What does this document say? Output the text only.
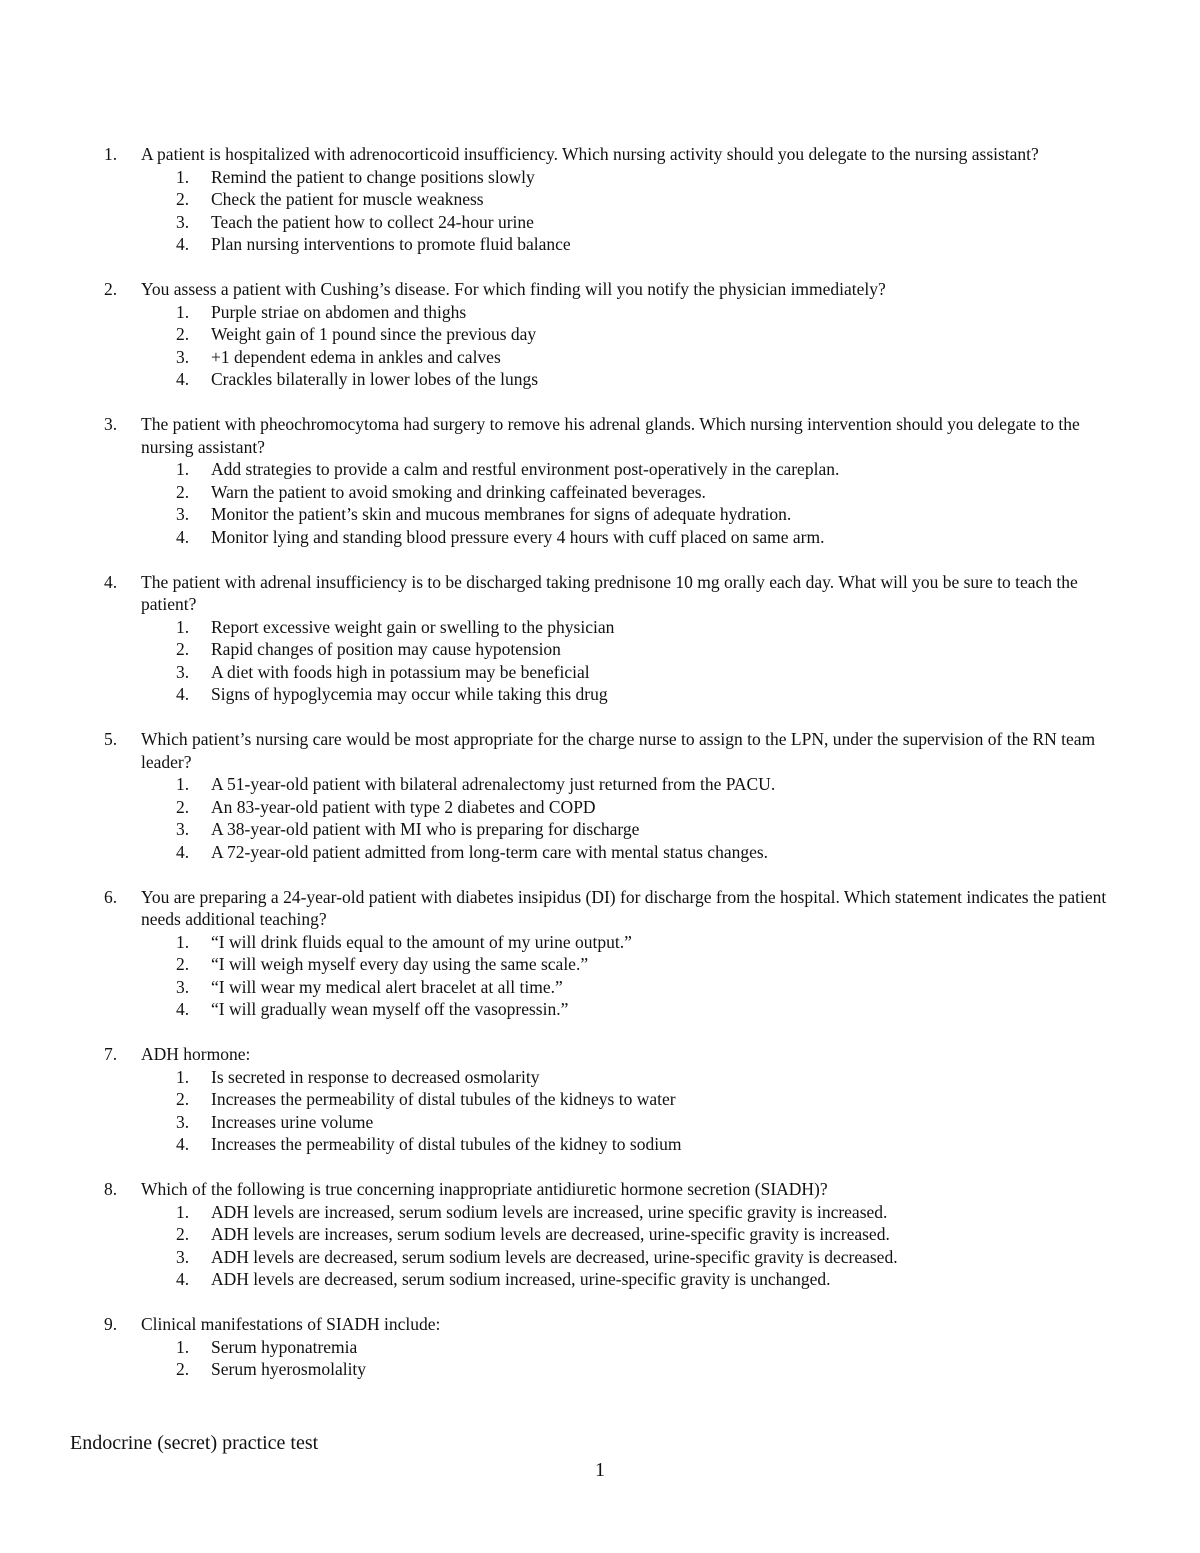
1. A patient is hospitalized with adrenocorticoid insufficiency. Which nursing activity should you delegate to the nursing assistant?
1. Remind the patient to change positions slowly
2. Check the patient for muscle weakness
3. Teach the patient how to collect 24-hour urine
4. Plan nursing interventions to promote fluid balance
2. You assess a patient with Cushing’s disease. For which finding will you notify the physician immediately?
1. Purple striae on abdomen and thighs
2. Weight gain of 1 pound since the previous day
3. +1 dependent edema in ankles and calves
4. Crackles bilaterally in lower lobes of the lungs
3. The patient with pheochromocytoma had surgery to remove his adrenal glands. Which nursing intervention should you delegate to the nursing assistant?
1. Add strategies to provide a calm and restful environment post-operatively in the careplan.
2. Warn the patient to avoid smoking and drinking caffeinated beverages.
3. Monitor the patient’s skin and mucous membranes for signs of adequate hydration.
4. Monitor lying and standing blood pressure every 4 hours with cuff placed on same arm.
4. The patient with adrenal insufficiency is to be discharged taking prednisone 10 mg orally each day. What will you be sure to teach the patient?
1. Report excessive weight gain or swelling to the physician
2. Rapid changes of position may cause hypotension
3. A diet with foods high in potassium may be beneficial
4. Signs of hypoglycemia may occur while taking this drug
5. Which patient’s nursing care would be most appropriate for the charge nurse to assign to the LPN, under the supervision of the RN team leader?
1. A 51-year-old patient with bilateral adrenalectomy just returned from the PACU.
2. An 83-year-old patient with type 2 diabetes and COPD
3. A 38-year-old patient with MI who is preparing for discharge
4. A 72-year-old patient admitted from long-term care with mental status changes.
6. You are preparing a 24-year-old patient with diabetes insipidus (DI) for discharge from the hospital. Which statement indicates the patient needs additional teaching?
1. “I will drink fluids equal to the amount of my urine output.”
2. “I will weigh myself every day using the same scale.”
3. “I will wear my medical alert bracelet at all time.”
4. “I will gradually wean myself off the vasopressin.”
7. ADH hormone:
1. Is secreted in response to decreased osmolarity
2. Increases the permeability of distal tubules of the kidneys to water
3. Increases urine volume
4. Increases the permeability of distal tubules of the kidney to sodium
8. Which of the following is true concerning inappropriate antidiuretic hormone secretion (SIADH)?
1. ADH levels are increased, serum sodium levels are increased, urine specific gravity is increased.
2. ADH levels are increases, serum sodium levels are decreased, urine-specific gravity is increased.
3. ADH levels are decreased, serum sodium levels are decreased, urine-specific gravity is decreased.
4. ADH levels are decreased, serum sodium increased, urine-specific gravity is unchanged.
9. Clinical manifestations of SIADH include:
1. Serum hyponatremia
2. Serum hyerosmolality
Endocrine (secret) practice test
1
